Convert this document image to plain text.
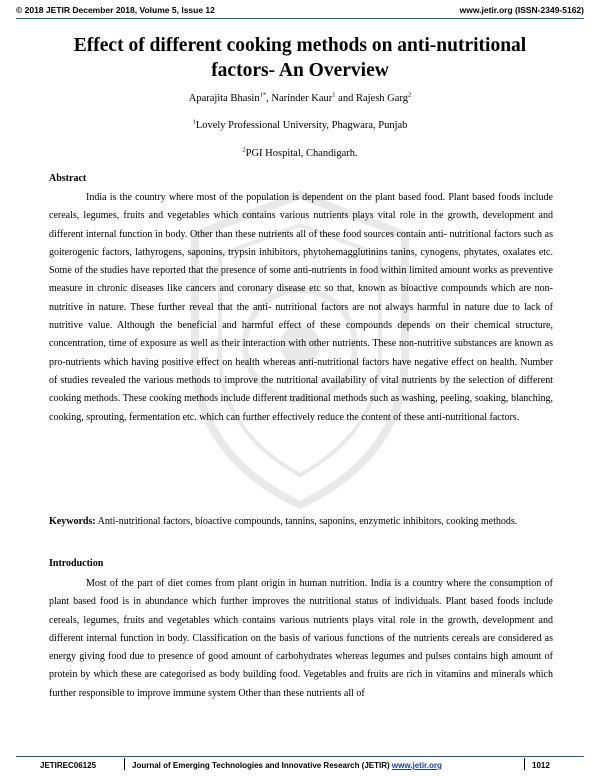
© 2018 JETIR December 2018, Volume 5, Issue 12	www.jetir.org (ISSN-2349-5162)
Effect of different cooking methods on anti-nutritional factors- An Overview
Aparajita Bhasin$^{1*}$, Narinder Kaur$^1$ and Rajesh Garg$^2$
$^1$Lovely Professional University, Phagwara, Punjab
$^2$PGI Hospital, Chandigarh.
Abstract

India is the country where most of the population is dependent on the plant based food. Plant based foods include cereals, legumes, fruits and vegetables which contains various nutrients plays vital role in the growth, development and different internal function in body. Other than these nutrients all of these food sources contain anti- nutritional factors such as goiterogenic factors, lathyrogens, saponins, trypsin inhibitors, phytohemagglutinins tanins, cynogens, phytates, oxalates etc. Some of the studies have reported that the presence of some anti-nutrients in food within limited amount works as preventive measure in chronic diseases like cancers and coronary disease etc so that, known as bioactive compounds which are non-nutritive in nature. These further reveal that the anti- nutritional factors are not always harmful in nature due to lack of nutritive value. Although the beneficial and harmful effect of these compounds depends on their chemical structure, concentration, time of exposure as well as their interaction with other nutrients. These non-nutritive substances are known as pro-nutrients which having positive effect on health whereas anti-nutritional factors have negative effect on health. Number of studies revealed the various methods to improve the nutritional availability of vital nutrients by the selection of different cooking methods. These cooking methods include different traditional methods such as washing, peeling, soaking, blanching, cooking, sprouting, fermentation etc. which can further effectively reduce the content of these anti-nutritional factors.

Keywords: Anti-nutritional factors, bioactive compounds, tannins, saponins, enzymetic inhibitors, cooking methods.

Introduction

Most of the part of diet comes from plant origin in human nutrition. India is a country where the consumption of plant based food is in abundance which further improves the nutritional status of individuals. Plant based foods include cereals, legumes, fruits and vegetables which contains various nutrients plays vital role in the growth, development and different internal function in body. Classification on the basis of various functions of the nutrients cereals are considered as energy giving food due to presence of good amount of carbohydrates whereas legumes and pulses contains high amount of protein by which these are categorised as body building food. Vegetables and fruits are rich in vitamins and minerals which further responsible to improve immune system Other than these nutrients all of

JETIREC06125	Journal of Emerging Technologies and Innovative Research (JETIR) www.jetir.org	1012
